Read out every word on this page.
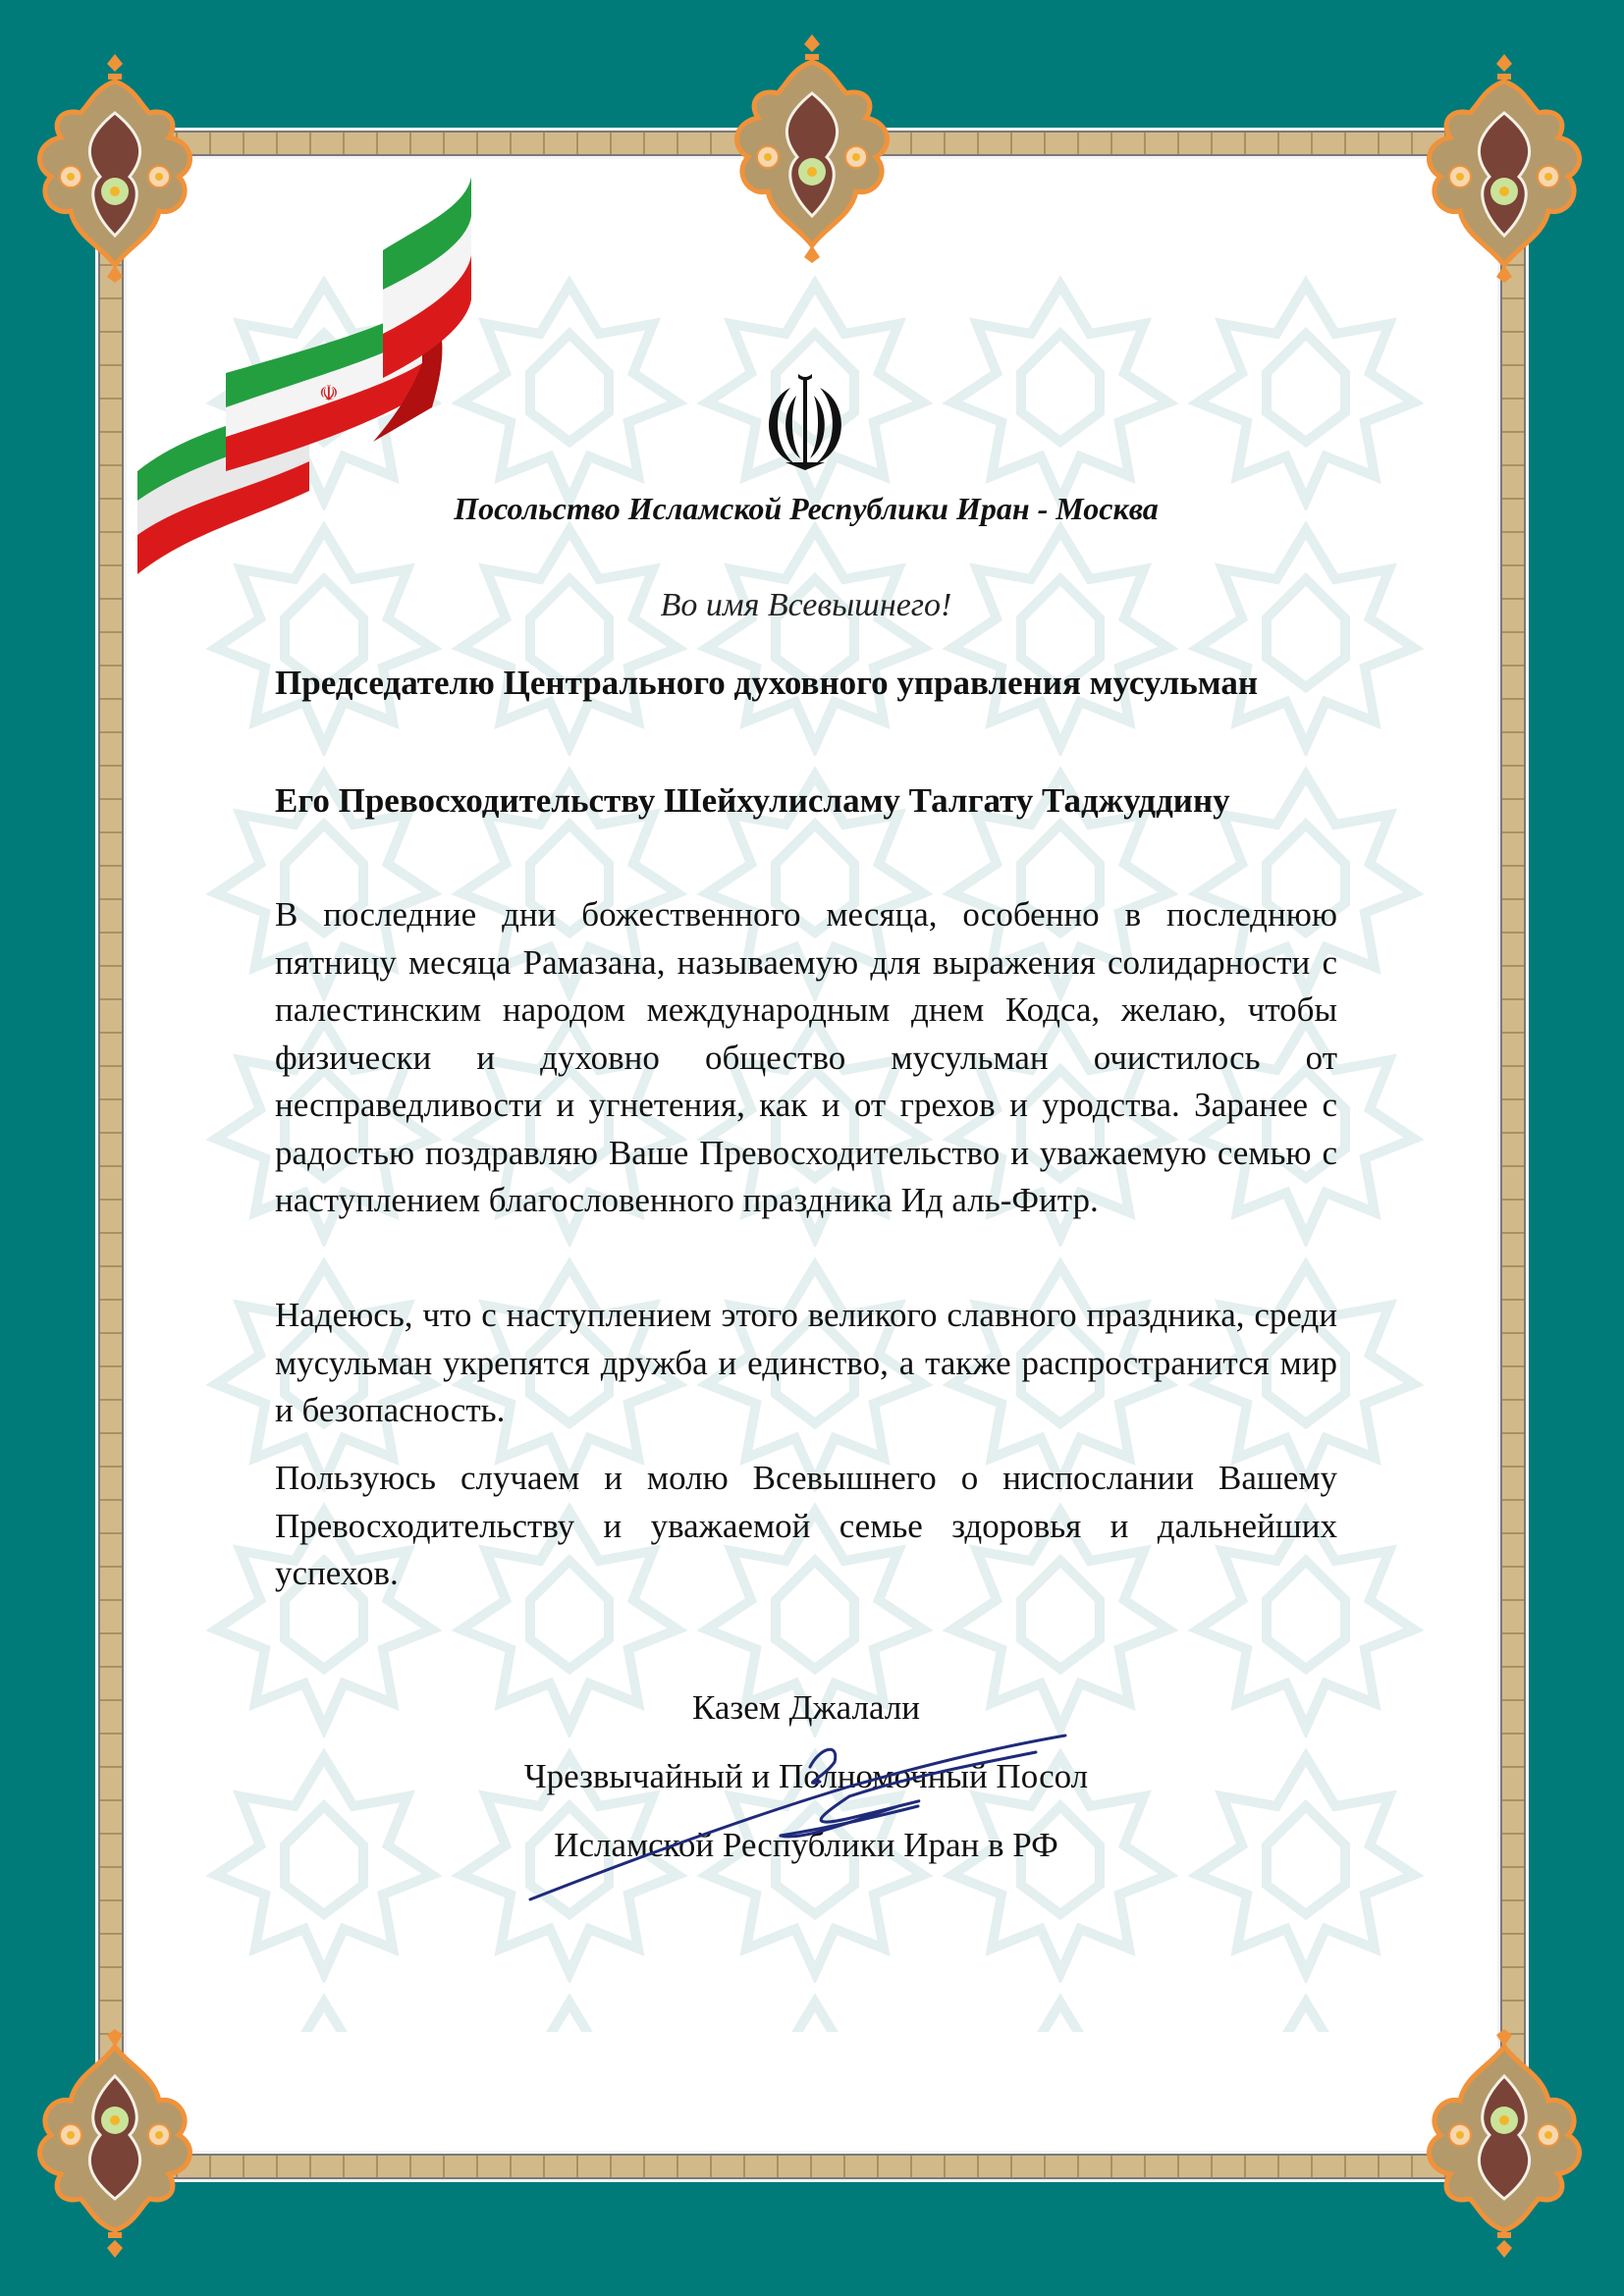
☫
Посольство Исламской Республики Иран - Москва
Во имя Всевышнего!
Председателю Центрального духовного управления мусульман
Его Превосходительству Шейхулисламу Талгату Таджуддину
В последние дни божественного месяца, особенно в последнюю пятницу месяца Рамазана, называемую для выражения солидарности с палестинским народом международным днем Кодса, желаю, чтобы физически и духовно общество мусульман очистилось от несправедливости и угнетения, как и от грехов и уродства. Заранее с радостью поздравляю Ваше Превосходительство и уважаемую семью с наступлением благословенного праздника Ид аль-Фитр.
Надеюсь, что с наступлением этого великого славного праздника, среди мусульман укрепятся дружба и единство, а также распространится мир и безопасность.
Пользуюсь случаем и молю Всевышнего о ниспослании Вашему Превосходительству и уважаемой семье здоровья и дальнейших успехов.
Казем Джалали
Чрезвычайный и Полномочный Посол
Исламской Республики Иран в РФ
